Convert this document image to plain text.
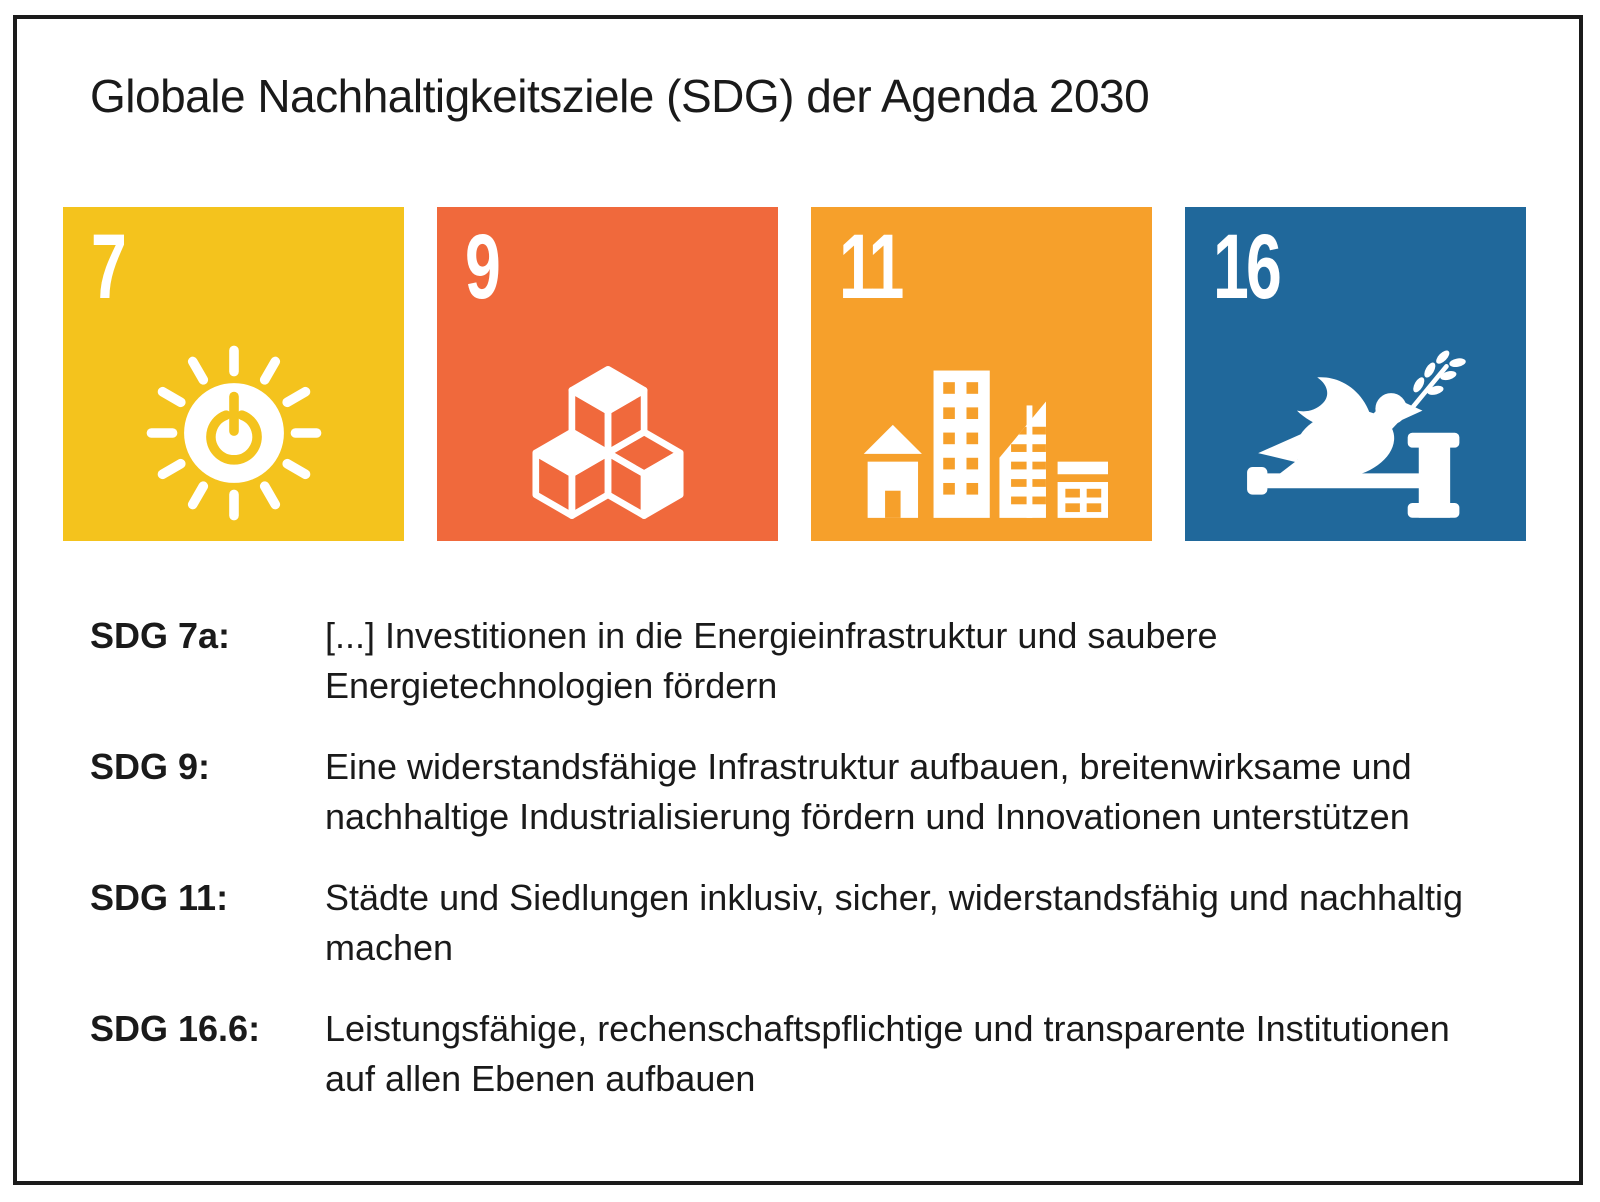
Globale Nachhaltigkeitsziele (SDG) der Agenda 2030
7	9	11	16
SDG 7a:	[...] Investitionen in die Energieinfrastruktur und saubere Energietechnologien fördern
SDG 9:	Eine widerstandsfähige Infrastruktur aufbauen, breitenwirksame und nachhaltige Industrialisierung fördern und Innovationen unterstützen
SDG 11:	Städte und Siedlungen inklusiv, sicher, widerstandsfähig und nachhaltig machen
SDG 16.6:	Leistungsfähige, rechenschaftspflichtige und transparente Institutionen auf allen Ebenen aufbauen
